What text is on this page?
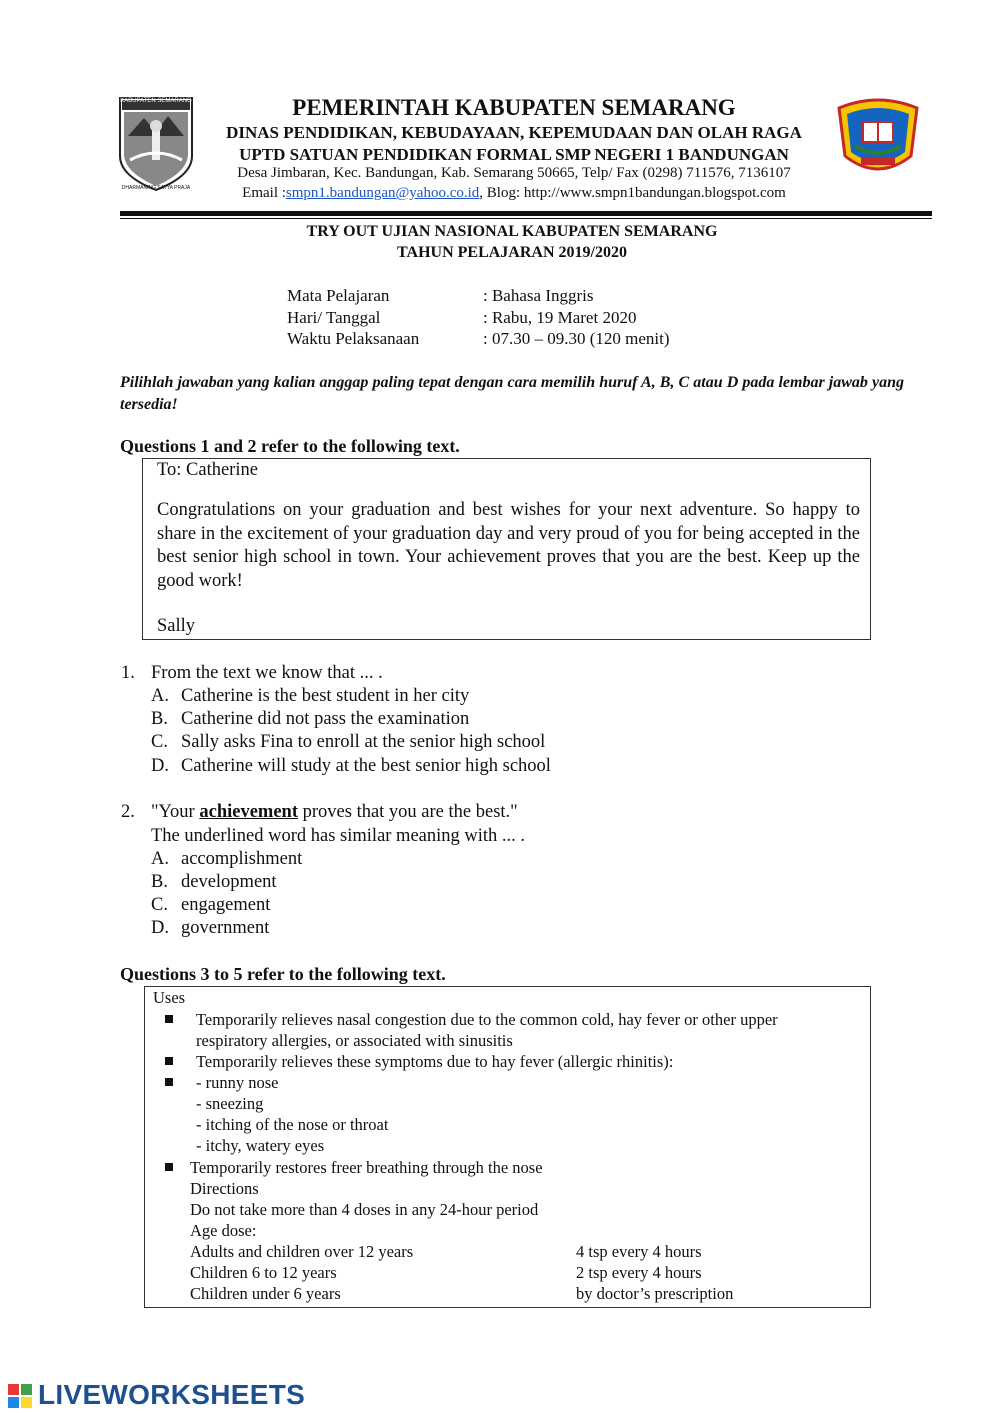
KABUPATEN SEMARANG
DHARMANING SATYA PRAJA
PEMERINTAH KABUPATEN SEMARANG
DINAS PENDIDIKAN, KEBUDAYAAN, KEPEMUDAAN DAN OLAH RAGA
UPTD SATUAN PENDIDIKAN FORMAL SMP NEGERI 1 BANDUNGAN
Desa Jimbaran, Kec. Bandungan, Kab. Semarang 50665, Telp/ Fax (0298) 711576, 7136107
Email :smpn1.bandungan@yahoo.co.id, Blog: http://www.smpn1bandungan.blogspot.com
TRY OUT UJIAN NASIONAL KABUPATEN SEMARANG
TAHUN PELAJARAN 2019/2020
Mata Pelajaran	: Bahasa Inggris
Hari/ Tanggal	: Rabu, 19 Maret 2020
Waktu Pelaksanaan	: 07.30 – 09.30 (120 menit)
Pilihlah jawaban yang kalian anggap paling tepat dengan cara memilih huruf A, B, C atau D pada lembar jawab yang tersedia!
Questions 1 and 2 refer to the following text.
To: Catherine
Congratulations on your graduation and best wishes for your next adventure. So happy to share in the excitement of your graduation day and very proud of you for being accepted in the best senior high school in town. Your achievement proves that you are the best. Keep up the good work!
Sally
1. From the text we know that ... .
A. Catherine is the best student in her city
B. Catherine did not pass the examination
C. Sally asks Fina to enroll at the senior high school
D. Catherine will study at the best senior high school
2. "Your achievement proves that you are the best."
The underlined word has similar meaning with ... .
A. accomplishment
B. development
C. engagement
D. government
Questions 3 to 5 refer to the following text.
Uses
Temporarily relieves nasal congestion due to the common cold, hay fever or other upper
respiratory allergies, or associated with sinusitis
Temporarily relieves these symptoms due to hay fever (allergic rhinitis):
- runny nose
- sneezing
- itching of the nose or throat
- itchy, watery eyes
Temporarily restores freer breathing through the nose
Directions
Do not take more than 4 doses in any 24-hour period
Age dose:
Adults and children over 12 years	4 tsp every 4 hours
Children 6 to 12 years	2 tsp every 4 hours
Children under 6 years	by doctor’s prescription
LIVEWORKSHEETS
